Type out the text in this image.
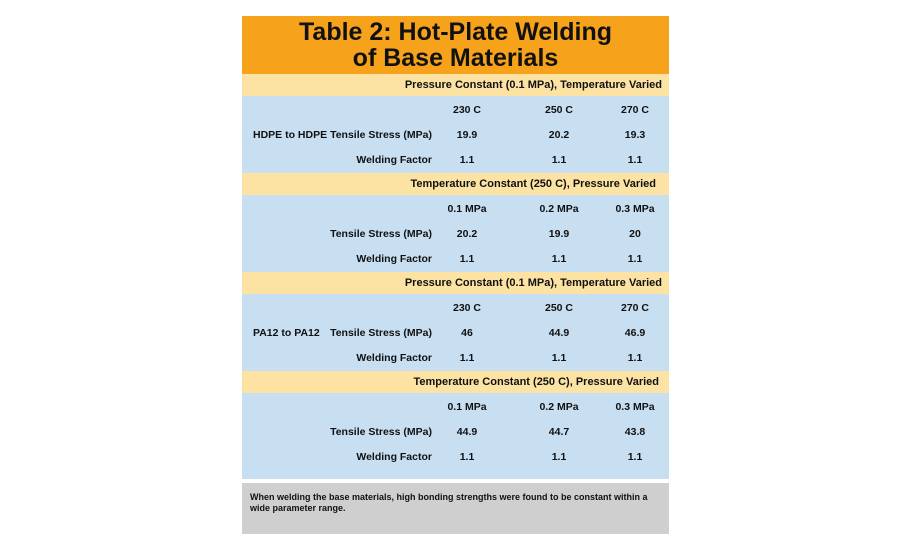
Table 2: Hot-Plate Welding
of Base Materials
Pressure Constant (0.1 MPa), Temperature Varied
230 C	250 C	270 C
HDPE to HDPE Tensile Stress (MPa)	19.9	20.2	19.3
Welding Factor	1.1	1.1	1.1
Temperature Constant (250 C), Pressure Varied
0.1 MPa	0.2 MPa	0.3 MPa
Tensile Stress (MPa)	20.2	19.9	20
Welding Factor	1.1	1.1	1.1
Pressure Constant (0.1 MPa), Temperature Varied
230 C	250 C	270 C
PA12 to PA12 Tensile Stress (MPa)	46	44.9	46.9
Welding Factor	1.1	1.1	1.1
Temperature Constant (250 C), Pressure Varied
0.1 MPa	0.2 MPa	0.3 MPa
Tensile Stress (MPa)	44.9	44.7	43.8
Welding Factor	1.1	1.1	1.1
When welding the base materials, high bonding strengths were found to be constant within a wide parameter range.
